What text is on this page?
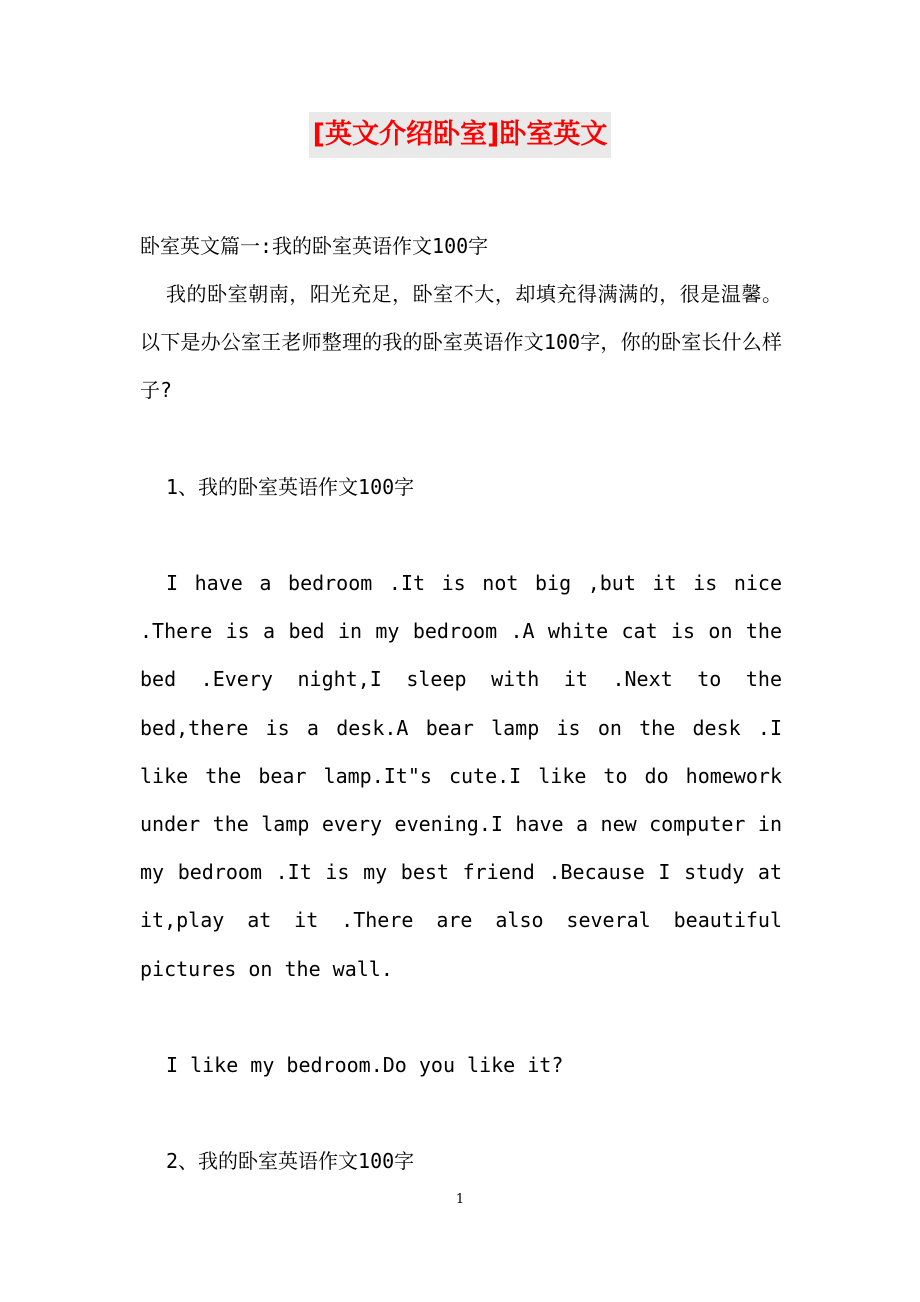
[英文介绍卧室]卧室英文
卧室英文篇一:我的卧室英语作文100字
我的卧室朝南，阳光充足，卧室不大，却填充得满满的，很是温馨。以下是办公室王老师整理的我的卧室英语作文100字，你的卧室长什么样子?
1、我的卧室英语作文100字
I have a bedroom .It is not big ,but it is nice .There is a bed in my bedroom .A white cat is on the bed .Every night,I sleep with it .Next to the bed,there is a desk.A bear lamp is on the desk .I like the bear lamp.It"s cute.I like to do homework under the lamp every evening.I have a new computer in my bedroom .It is my best friend .Because I study at it,play at it .There are also several beautiful pictures on the wall.
I like my bedroom.Do you like it?
2、我的卧室英语作文100字
1
